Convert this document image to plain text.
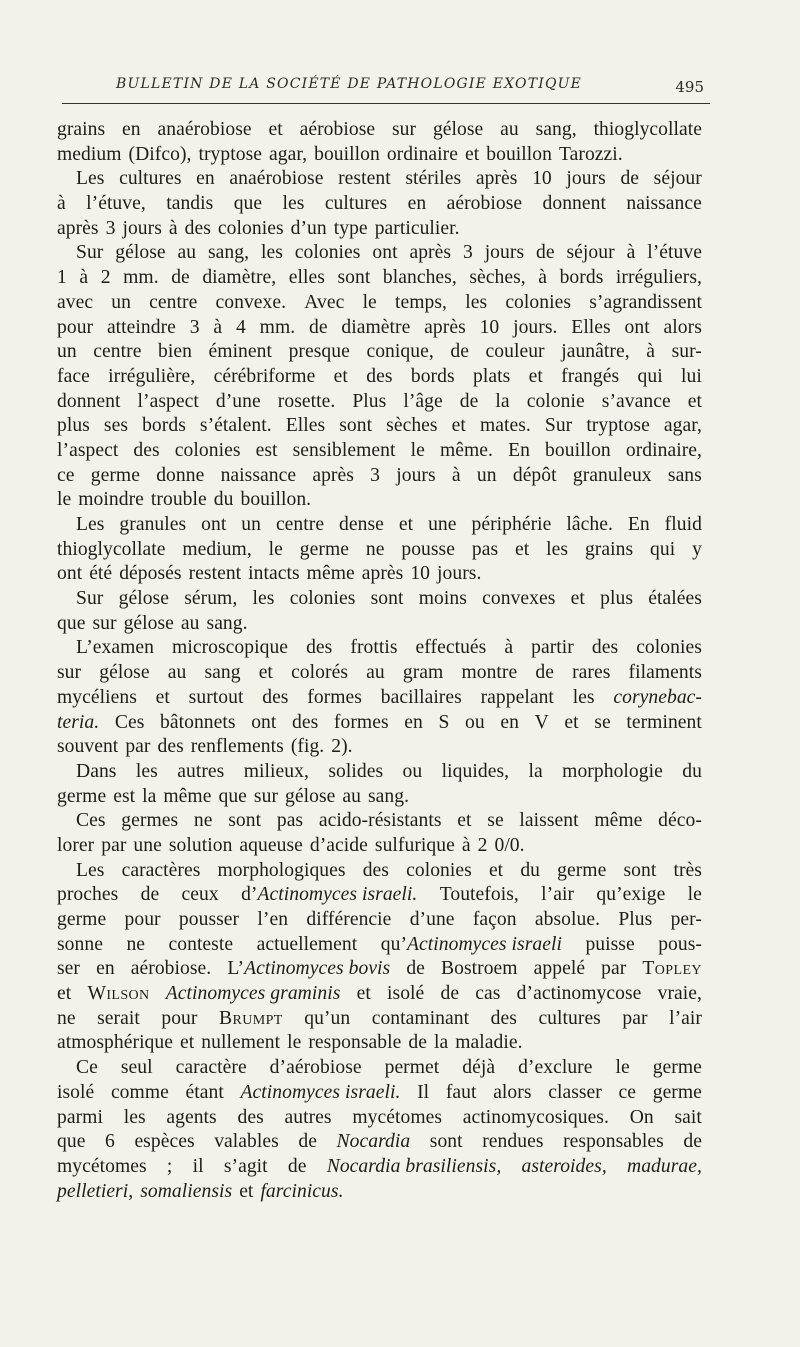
BULLETIN DE LA SOCIÉTÉ DE PATHOLOGIE EXOTIQUE	495
grains en anaérobiose et aérobiose sur gélose au sang, thioglycollate
medium (Difco), tryptose agar, bouillon ordinaire et bouillon Tarozzi.
Les cultures en anaérobiose restent stériles après 10 jours de séjour
à l’étuve, tandis que les cultures en aérobiose donnent naissance
après 3 jours à des colonies d’un type particulier.
Sur gélose au sang, les colonies ont après 3 jours de séjour à l’étuve
1 à 2 mm. de diamètre, elles sont blanches, sèches, à bords irréguliers,
avec un centre convexe. Avec le temps, les colonies s’agrandissent
pour atteindre 3 à 4 mm. de diamètre après 10 jours. Elles ont alors
un centre bien éminent presque conique, de couleur jaunâtre, à sur-
face irrégulière, cérébriforme et des bords plats et frangés qui lui
donnent l’aspect d’une rosette. Plus l’âge de la colonie s’avance et
plus ses bords s’étalent. Elles sont sèches et mates. Sur tryptose agar,
l’aspect des colonies est sensiblement le même. En bouillon ordinaire,
ce germe donne naissance après 3 jours à un dépôt granuleux sans
le moindre trouble du bouillon.
Les granules ont un centre dense et une périphérie lâche. En fluid
thioglycollate medium, le germe ne pousse pas et les grains qui y
ont été déposés restent intacts même après 10 jours.
Sur gélose sérum, les colonies sont moins convexes et plus étalées
que sur gélose au sang.
L’examen microscopique des frottis effectués à partir des colonies
sur gélose au sang et colorés au gram montre de rares filaments
mycéliens et surtout des formes bacillaires rappelant les corynebac-
teria. Ces bâtonnets ont des formes en S ou en V et se terminent
souvent par des renflements (fig. 2).
Dans les autres milieux, solides ou liquides, la morphologie du
germe est la même que sur gélose au sang.
Ces germes ne sont pas acido-résistants et se laissent même déco-
lorer par une solution aqueuse d’acide sulfurique à 2 0/0.
Les caractères morphologiques des colonies et du germe sont très
proches de ceux d’Actinomyces israeli. Toutefois, l’air qu’exige le
germe pour pousser l’en différencie d’une façon absolue. Plus per-
sonne ne conteste actuellement qu’Actinomyces israeli puisse pous-
ser en aérobiose. L’Actinomyces bovis de Bostroem appelé par Topley
et Wilson Actinomyces graminis et isolé de cas d’actinomycose vraie,
ne serait pour Brumpt qu’un contaminant des cultures par l’air
atmosphérique et nullement le responsable de la maladie.
Ce seul caractère d’aérobiose permet déjà d’exclure le germe
isolé comme étant Actinomyces israeli. Il faut alors classer ce germe
parmi les agents des autres mycétomes actinomycosiques. On sait
que 6 espèces valables de Nocardia sont rendues responsables de
mycétomes ; il s’agit de Nocardia brasiliensis, asteroides, madurae,
pelletieri, somaliensis et farcinicus.
